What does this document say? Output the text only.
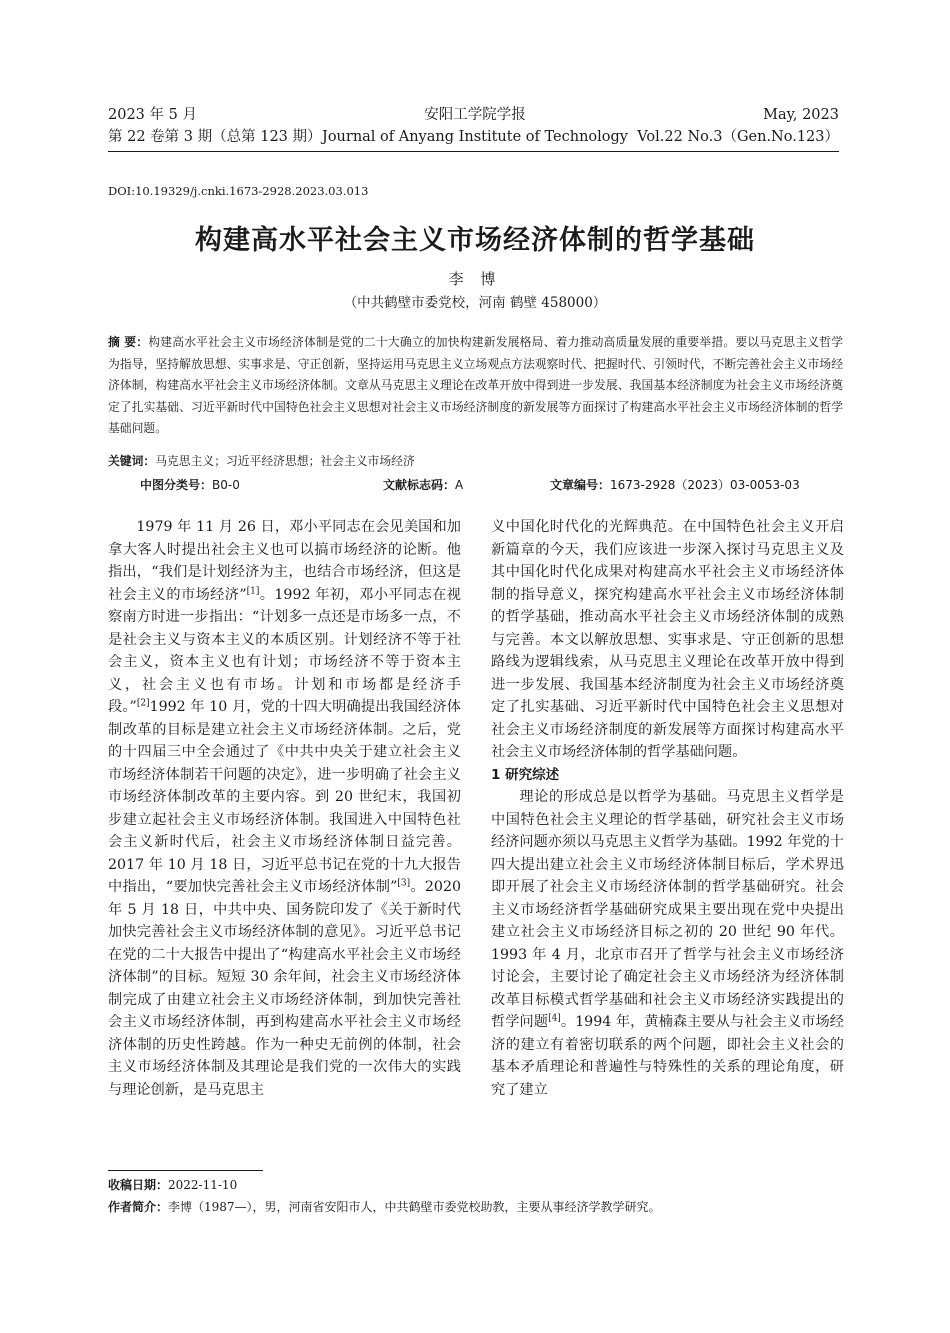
2023 年 5 月
第 22 卷第 3 期（总第 123 期）
安阳工学院学报
Journal of Anyang Institute of Technology
May, 2023
Vol.22 No.3（Gen.No.123）
DOI:10.19329/j.cnki.1673-2928.2023.03.013
构建高水平社会主义市场经济体制的哲学基础
李 博
（中共鹤壁市委党校，河南 鹤壁 458000）
摘 要：构建高水平社会主义市场经济体制是党的二十大确立的加快构建新发展格局、着力推动高质量发展的重要举措。要以马克思主义哲学为指导，坚持解放思想、实事求是、守正创新，坚持运用马克思主义立场观点方法观察时代、把握时代、引领时代，不断完善社会主义市场经济体制，构建高水平社会主义市场经济体制。文章从马克思主义理论在改革开放中得到进一步发展、我国基本经济制度为社会主义市场经济奠定了扎实基础、习近平新时代中国特色社会主义思想对社会主义市场经济制度的新发展等方面探讨了构建高水平社会主义市场经济体制的哲学基础问题。
关键词：马克思主义；习近平经济思想；社会主义市场经济
中图分类号：B0-0	文献标志码：A	文章编号：1673-2928（2023）03-0053-03

1979 年 11 月 26 日，邓小平同志在会见美国和加拿大客人时提出社会主义也可以搞市场经济的论断。他指出，“我们是计划经济为主，也结合市场经济，但这是社会主义的市场经济”[1]。1992 年初，邓小平同志在视察南方时进一步指出：“计划多一点还是市场多一点，不是社会主义与资本主义的本质区别。计划经济不等于社会主义，资本主义也有计划；市场经济不等于资本主义，社会主义也有市场。计划和市场都是经济手段。”[2]1992 年 10 月，党的十四大明确提出我国经济体制改革的目标是建立社会主义市场经济体制。之后，党的十四届三中全会通过了《中共中央关于建立社会主义市场经济体制若干问题的决定》，进一步明确了社会主义市场经济体制改革的主要内容。到 20 世纪末，我国初步建立起社会主义市场经济体制。我国进入中国特色社会主义新时代后，社会主义市场经济体制日益完善。2017 年 10 月 18 日，习近平总书记在党的十九大报告中指出，“要加快完善社会主义市场经济体制”[3]。2020 年 5 月 18 日，中共中央、国务院印发了《关于新时代加快完善社会主义市场经济体制的意见》。习近平总书记在党的二十大报告中提出了“构建高水平社会主义市场经济体制”的目标。短短 30 余年间，社会主义市场经济体制完成了由建立社会主义市场经济体制，到加快完善社会主义市场经济体制，再到构建高水平社会主义市场经济体制的历史性跨越。作为一种史无前例的体制，社会主义市场经济体制及其理论是我们党的一次伟大的实践与理论创新，是马克思主

义中国化时代化的光辉典范。在中国特色社会主义开启新篇章的今天，我们应该进一步深入探讨马克思主义及其中国化时代化成果对构建高水平社会主义市场经济体制的指导意义，探究构建高水平社会主义市场经济体制的哲学基础，推动高水平社会主义市场经济体制的成熟与完善。本文以解放思想、实事求是、守正创新的思想路线为逻辑线索，从马克思主义理论在改革开放中得到进一步发展、我国基本经济制度为社会主义市场经济奠定了扎实基础、习近平新时代中国特色社会主义思想对社会主义市场经济制度的新发展等方面探讨构建高水平社会主义市场经济体制的哲学基础问题。

1 研究综述

理论的形成总是以哲学为基础。马克思主义哲学是中国特色社会主义理论的哲学基础，研究社会主义市场经济问题亦须以马克思主义哲学为基础。1992 年党的十四大提出建立社会主义市场经济体制目标后，学术界迅即开展了社会主义市场经济体制的哲学基础研究。社会主义市场经济哲学基础研究成果主要出现在党中央提出建立社会主义市场经济目标之初的 20 世纪 90 年代。1993 年 4 月，北京市召开了哲学与社会主义市场经济讨论会，主要讨论了确定社会主义市场经济为经济体制改革目标模式哲学基础和社会主义市场经济实践提出的哲学问题[4]。1994 年，黄楠森主要从与社会主义市场经济的建立有着密切联系的两个问题，即社会主义社会的基本矛盾理论和普遍性与特殊性的关系的理论角度，研究了建立

收稿日期：2022-11-10
作者简介：李博（1987—），男，河南省安阳市人，中共鹤壁市委党校助教，主要从事经济学教学研究。
